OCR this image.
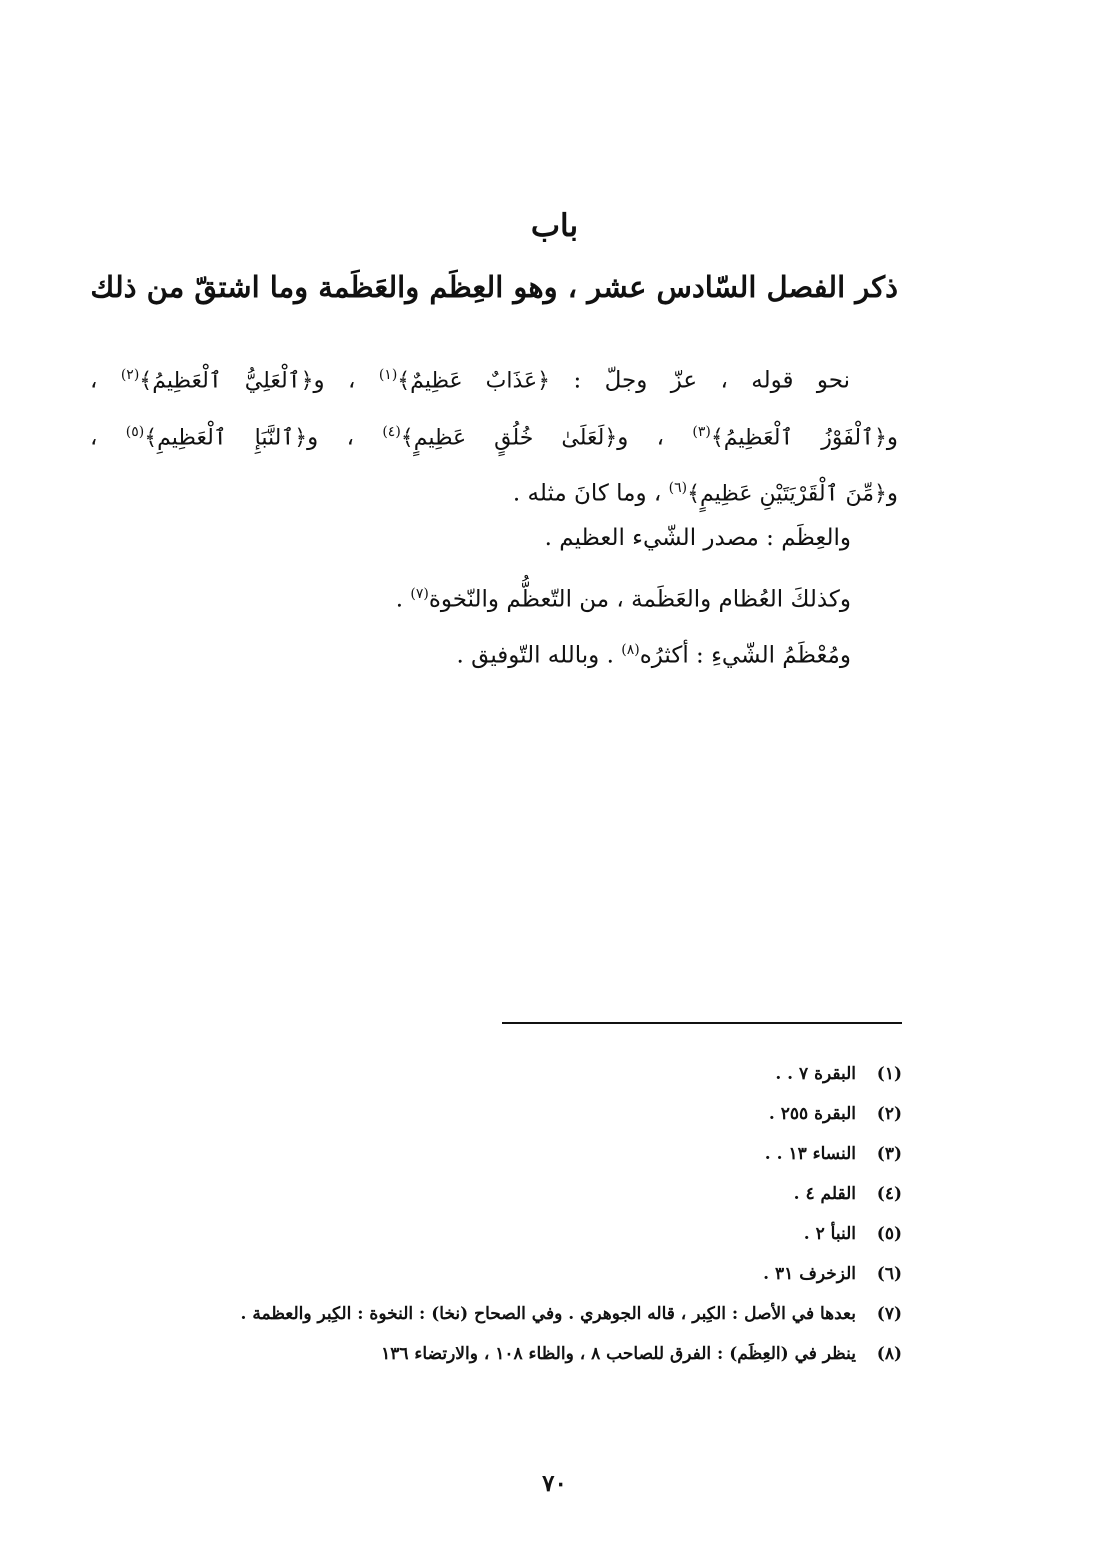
باب
ذكر الفصل السّادس عشر ، وهو العِظَم والعَظَمة وما اشتقّ من ذلك

نحو قوله ، عزّ وجلّ : ﴿عَذَابٌ عَظِيمٌ﴾$^{(١)}$ ، و﴿ٱلْعَلِيُّ ٱلْعَظِيمُ﴾$^{(٢)}$ ،

و﴿ٱلْفَوْزُ ٱلْعَظِيمُ﴾$^{(٣)}$ ، و﴿لَعَلَىٰ خُلُقٍ عَظِيمٍ﴾$^{(٤)}$ ، و﴿ٱلنَّبَإِ ٱلْعَظِيمِ﴾$^{(٥)}$ ،

و﴿مِّنَ ٱلْقَرْيَتَيْنِ عَظِيمٍ﴾$^{(٦)}$ ، وما كانَ مثله .

والعِظَم : مصدر الشّيء العظيم .

وكذلكَ العُظام والعَظَمة ، من التّعظُّم والنّخوة$^{(٧)}$ .

ومُعْظَمُ الشّيءِ : أكثرُه$^{(٨)}$ . وبالله التّوفيق .

(١)
البقرة ٧ . .
(٢)
البقرة ٢٥٥ .
(٣)
النساء ١٣ . .
(٤)
القلم ٤ .
(٥)
النبأ ٢ .
(٦)
الزخرف ٣١ .
(٧)
بعدها في الأصل : الكِبر ، قاله الجوهري . وفي الصحاح (نخا) : النخوة : الكِبر والعظمة .
(٨)
ينظر في (العِظَم) : الفرق للصاحب ٨ ، والظاء ١٠٨ ، والارتضاء ١٣٦
٧٠
